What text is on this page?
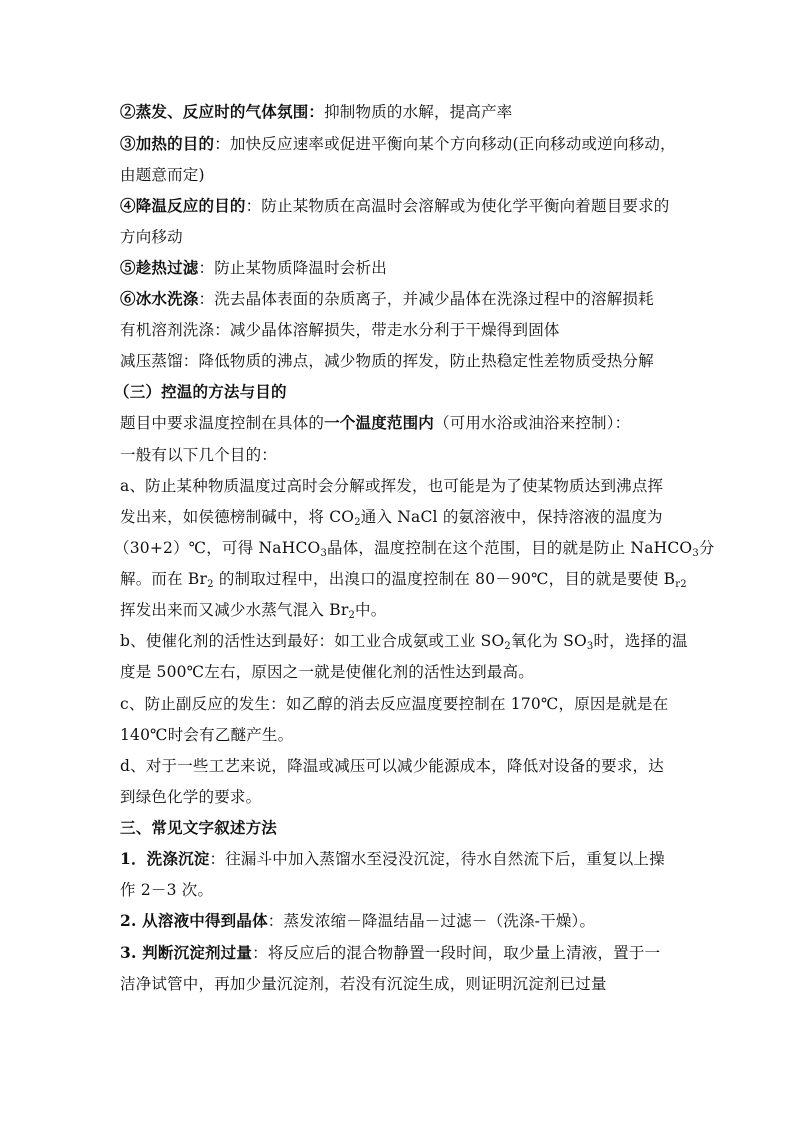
②蒸发、反应时的气体氛围：抑制物质的水解，提高产率
③加热的目的：加快反应速率或促进平衡向某个方向移动(正向移动或逆向移动，
由题意而定)
④降温反应的目的：防止某物质在高温时会溶解或为使化学平衡向着题目要求的
方向移动
⑤趁热过滤：防止某物质降温时会析出
⑥冰水洗涤：洗去晶体表面的杂质离子，并减少晶体在洗涤过程中的溶解损耗
有机溶剂洗涤：减少晶体溶解损失，带走水分利于干燥得到固体
减压蒸馏：降低物质的沸点，减少物质的挥发，防止热稳定性差物质受热分解
（三）控温的方法与目的
题目中要求温度控制在具体的一个温度范围内（可用水浴或油浴来控制）：
一般有以下几个目的：
a、防止某种物质温度过高时会分解或挥发，也可能是为了使某物质达到沸点挥
发出来，如侯德榜制碱中，将 $CO_2$通入 NaCl 的氨溶液中，保持溶液的温度为
（30+2）℃，可得 NaHCO$_3$晶体，温度控制在这个范围，目的就是防止 NaHCO$_3$分
解。而在 $Br_2$ 的制取过程中，出溴口的温度控制在 80－90℃，目的就是要使 $B_{r2}$
挥发出来而又减少水蒸气混入 $Br_2$中。
b、使催化剂的活性达到最好：如工业合成氨或工业 $SO_2$氧化为 $SO_3$时，选择的温
度是 500℃左右，原因之一就是使催化剂的活性达到最高。
c、防止副反应的发生：如乙醇的消去反应温度要控制在 170℃，原因是就是在
140℃时会有乙醚产生。
d、对于一些工艺来说，降温或减压可以减少能源成本，降低对设备的要求，达
到绿色化学的要求。
三、常见文字叙述方法
1．洗涤沉淀：往漏斗中加入蒸馏水至浸没沉淀，待水自然流下后，重复以上操
作 2－3 次。
2. 从溶液中得到晶体：蒸发浓缩－降温结晶－过滤－（洗涤-干燥）。
3. 判断沉淀剂过量：将反应后的混合物静置一段时间，取少量上清液，置于一
洁净试管中，再加少量沉淀剂，若没有沉淀生成，则证明沉淀剂已过量
